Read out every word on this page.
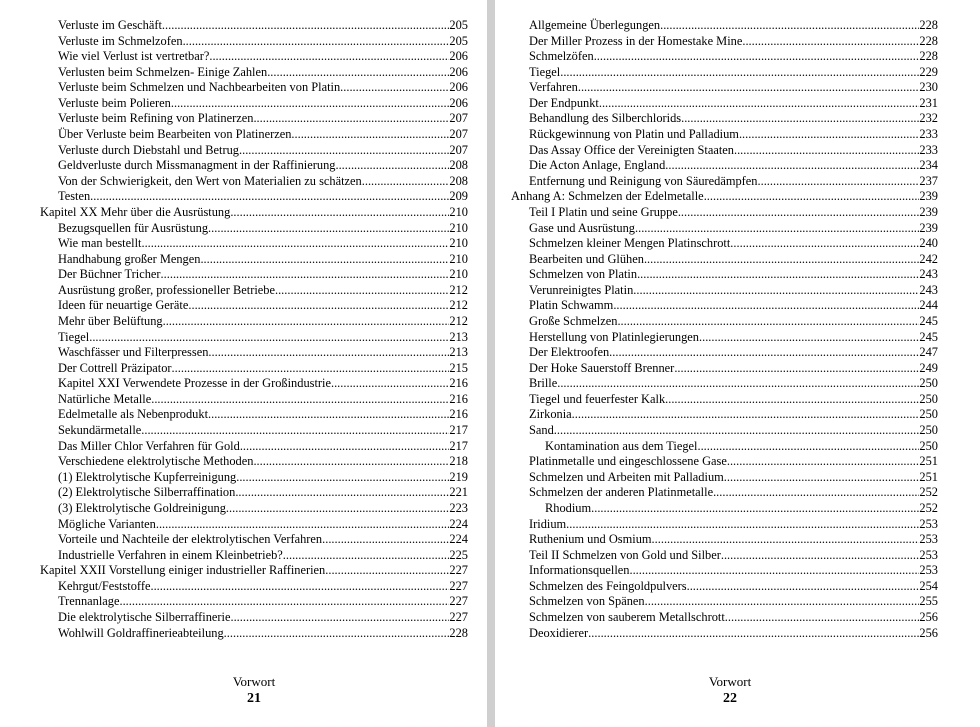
Verluste im Geschäft .....	205
Verluste im Schmelzofen .....	205
Wie viel Verlust ist vertretbar? .....	206
Verlusten beim Schmelzen- Einige Zahlen .....	206
Verluste beim Schmelzen und Nachbearbeiten von Platin .....	206
Verluste beim Polieren .....	206
Verluste beim Refining von Platinerzen .....	207
Über Verluste beim Bearbeiten von Platinerzen .....	207
Verluste durch Diebstahl und Betrug .....	207
Geldverluste durch Missmanagment in der Raffinierung .....	208
Von der Schwierigkeit, den Wert von Materialien zu schätzen .....	208
Testen .....	209
Kapitel XX Mehr über die Ausrüstung .....	210
Bezugsquellen für Ausrüstung .....	210
Wie man bestellt .....	210
Handhabung großer Mengen .....	210
Der Büchner Tricher .....	210
Ausrüstung großer, professioneller Betriebe .....	212
Ideen für neuartige Geräte .....	212
Mehr über Belüftung .....	212
Tiegel .....	213
Waschfässer und Filterpressen .....	213
Der Cottrell Präzipator .....	215
Kapitel XXI Verwendete Prozesse in der Großindustrie .....	216
Natürliche Metalle .....	216
Edelmetalle als Nebenprodukt .....	216
Sekundärmetalle .....	217
Das Miller Chlor Verfahren für Gold .....	217
Verschiedene elektrolytische Methoden .....	218
(1) Elektrolytische Kupferreinigung .....	219
(2) Elektrolytische Silberraffination .....	221
(3) Elektrolytische Goldreinigung .....	223
Mögliche Varianten .....	224
Vorteile und Nachteile der elektrolytischen Verfahren .....	224
Industrielle Verfahren in einem Kleinbetrieb? .....	225
Kapitel XXII Vorstellung einiger industrieller Raffinerien .....	227
Kehrgut/Feststoffe .....	227
Trennanlage .....	227
Die elektrolytische Silberraffinerie .....	227
Wohlwill Goldraffinerieabteilung .....	228
Vorwort
21
Allgemeine Überlegungen .....	228
Der Miller Prozess in der Homestake Mine .....	228
Schmelzöfen .....	228
Tiegel .....	229
Verfahren .....	230
Der Endpunkt .....	231
Behandlung des Silberchlorids .....	232
Rückgewinnung von Platin und Palladium .....	233
Das Assay Office der Vereinigten Staaten .....	233
Die Acton Anlage, England .....	234
Entfernung und Reinigung von Säuredämpfen .....	237
Anhang A: Schmelzen der Edelmetalle .....	239
Teil I Platin und seine Gruppe .....	239
Gase und Ausrüstung .....	239
Schmelzen kleiner Mengen Platinschrott .....	240
Bearbeiten und Glühen .....	242
Schmelzen von Platin .....	243
Verunreinigtes Platin .....	243
Platin Schwamm .....	244
Große Schmelzen .....	245
Herstellung von Platinlegierungen .....	245
Der Elektroofen .....	247
Der Hoke Sauerstoff Brenner .....	249
Brille .....	250
Tiegel und feuerfester Kalk .....	250
Zirkonia .....	250
Sand .....	250
Kontamination aus dem Tiegel .....	250
Platinmetalle und eingeschlossene Gase .....	251
Schmelzen und Arbeiten mit Palladium .....	251
Schmelzen der anderen Platinmetalle .....	252
Rhodium .....	252
Iridium .....	253
Ruthenium und Osmium .....	253
Teil II Schmelzen von Gold und Silber .....	253
Informationsquellen .....	253
Schmelzen des Feingoldpulvers .....	254
Schmelzen von Spänen .....	255
Schmelzen von sauberem Metallschrott .....	256
Deoxidierer .....	256
Vorwort
22
